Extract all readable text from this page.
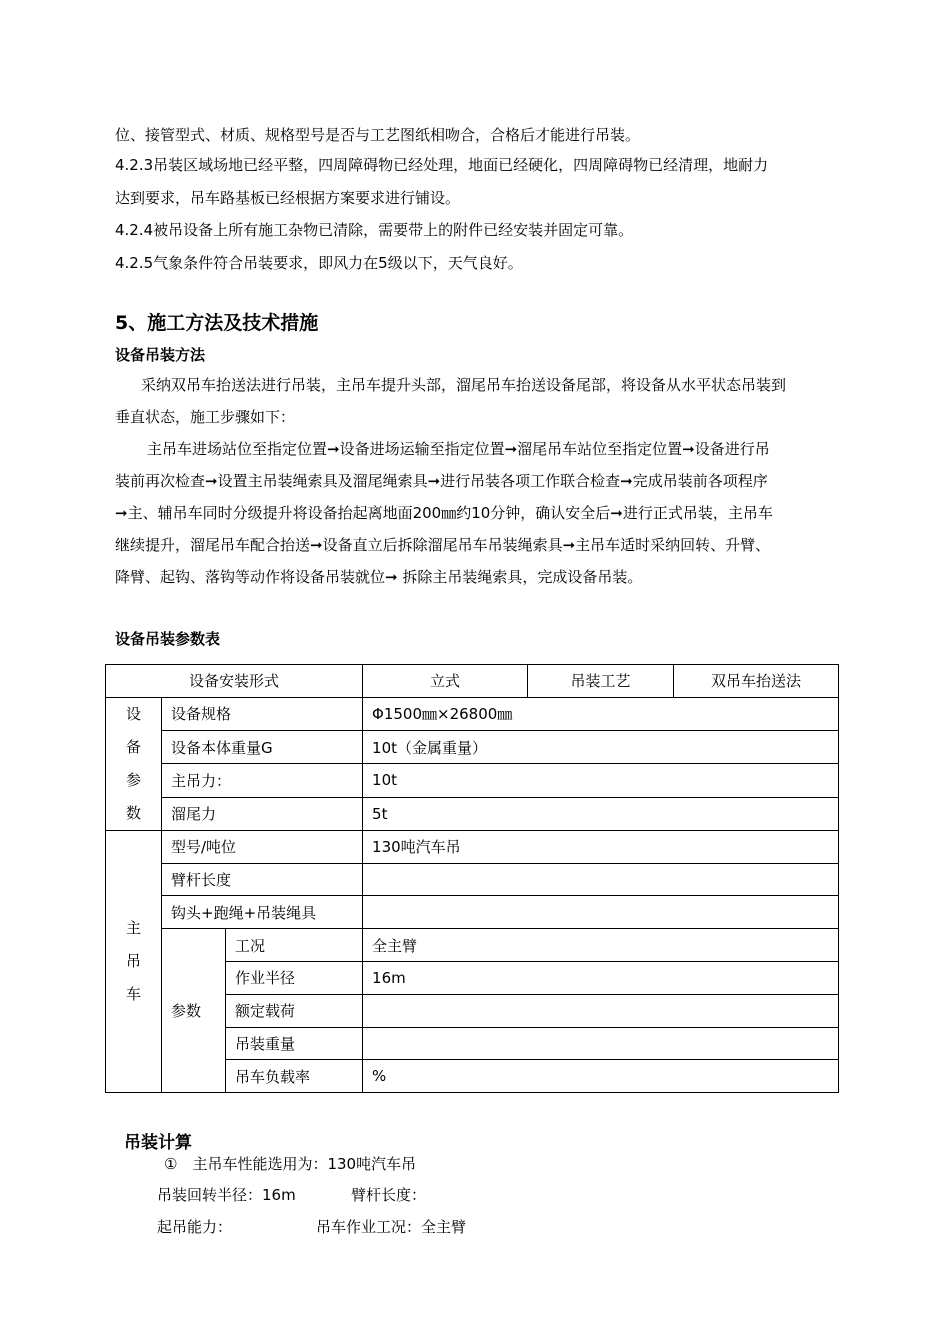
位、接管型式、材质、规格型号是否与工艺图纸相吻合，合格后才能进行吊装。
4.2.3吊装区域场地已经平整，四周障碍物已经处理，地面已经硬化，四周障碍物已经清理，地耐力
达到要求，吊车路基板已经根据方案要求进行铺设。
4.2.4被吊设备上所有施工杂物已清除，需要带上的附件已经安装并固定可靠。
4.2.5气象条件符合吊装要求，即风力在5级以下，天气良好。
5、施工方法及技术措施
设备吊装方法
采纳双吊车抬送法进行吊装，主吊车提升头部，溜尾吊车抬送设备尾部，将设备从水平状态吊装到
垂直状态，施工步骤如下：
主吊车进场站位至指定位置➞设备进场运输至指定位置➞溜尾吊车站位至指定位置➞设备进行吊
装前再次检查➞设置主吊装绳索具及溜尾绳索具➞进行吊装各项工作联合检查➞完成吊装前各项程序
➞主、辅吊车同时分级提升将设备抬起离地面200㎜约10分钟，确认安全后➞进行正式吊装，主吊车
继续提升，溜尾吊车配合抬送➞设备直立后拆除溜尾吊车吊装绳索具➞主吊车适时采纳回转、升臂、
降臂、起钩、落钩等动作将设备吊装就位➞ 拆除主吊装绳索具，完成设备吊装。
设备吊装参数表
设备安装形式			立式	吊装工艺	双吊车抬送法
设备参数	设备规格		Φ1500㎜×26800㎜		
	设备本体重量G		10t（金属重量）		
	主吊力：		10t		
	溜尾力		5t		
主吊车	型号/吨位		130吨汽车吊		
	臂杆长度				
	钩头+跑绳+吊装绳具				
	参数	工况	全主臂		
		作业半径	16m		
		额定载荷			
		吊装重量			
		吊车负载率	%		
吊装计算
①　主吊车性能选用为：130吨汽车吊
吊装回转半径：16m	臂杆长度：
起吊能力：	吊车作业工况：全主臂
